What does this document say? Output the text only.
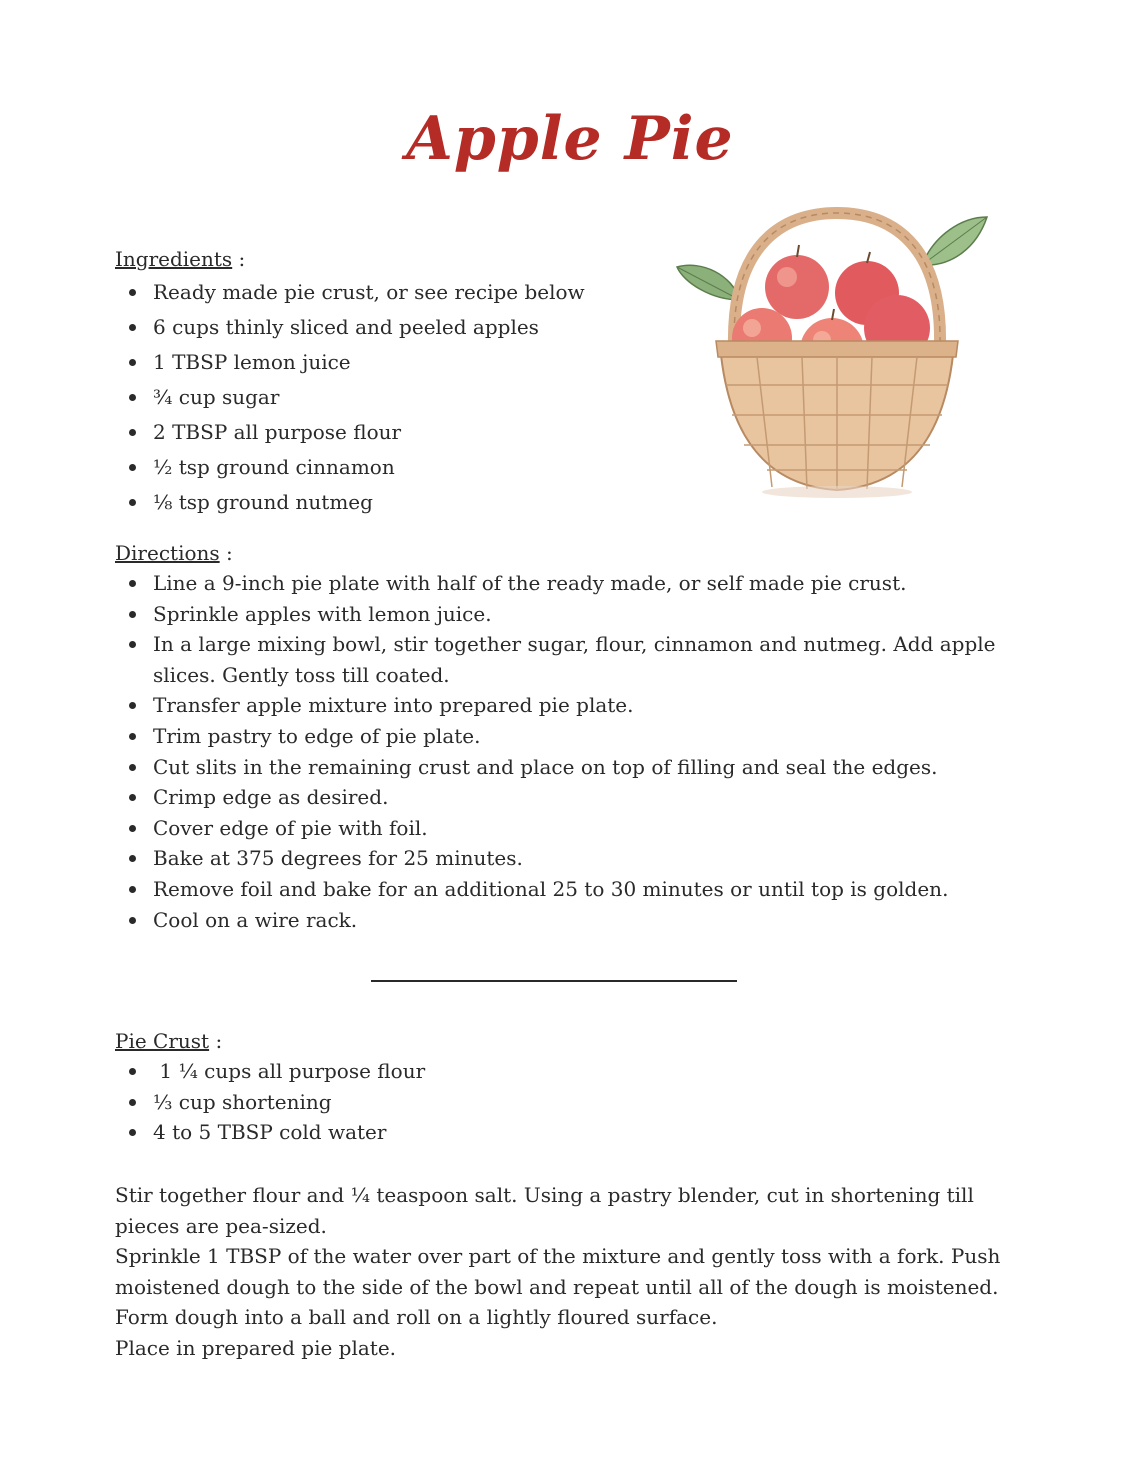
Apple Pie

Ingredients :

Ready made pie crust, or see recipe below
6 cups thinly sliced and peeled apples
1 TBSP lemon juice
¾ cup sugar
2 TBSP all purpose flour
½ tsp ground cinnamon
⅛ tsp ground nutmeg

Directions :

Line a 9-inch pie plate with half of the ready made, or self made pie crust.
Sprinkle apples with lemon juice.
In a large mixing bowl, stir together sugar, flour, cinnamon and nutmeg. Add apple slices. Gently toss till coated.
Transfer apple mixture into prepared pie plate.
Trim pastry to edge of pie plate.
Cut slits in the remaining crust and place on top of filling and seal the edges.
Crimp edge as desired.
Cover edge of pie with foil.
Bake at 375 degrees for 25 minutes.
Remove foil and bake for an additional 25 to 30 minutes or until top is golden.
Cool on a wire rack.

Pie Crust :

1 ¼ cups all purpose flour
⅓ cup shortening
4 to 5 TBSP cold water

Stir together flour and ¼ teaspoon salt. Using a pastry blender, cut in shortening till pieces are pea-sized.

Sprinkle 1 TBSP of the water over part of the mixture and gently toss with a fork. Push moistened dough to the side of the bowl and repeat until all of the dough is moistened.

Form dough into a ball and roll on a lightly floured surface.

Place in prepared pie plate.
